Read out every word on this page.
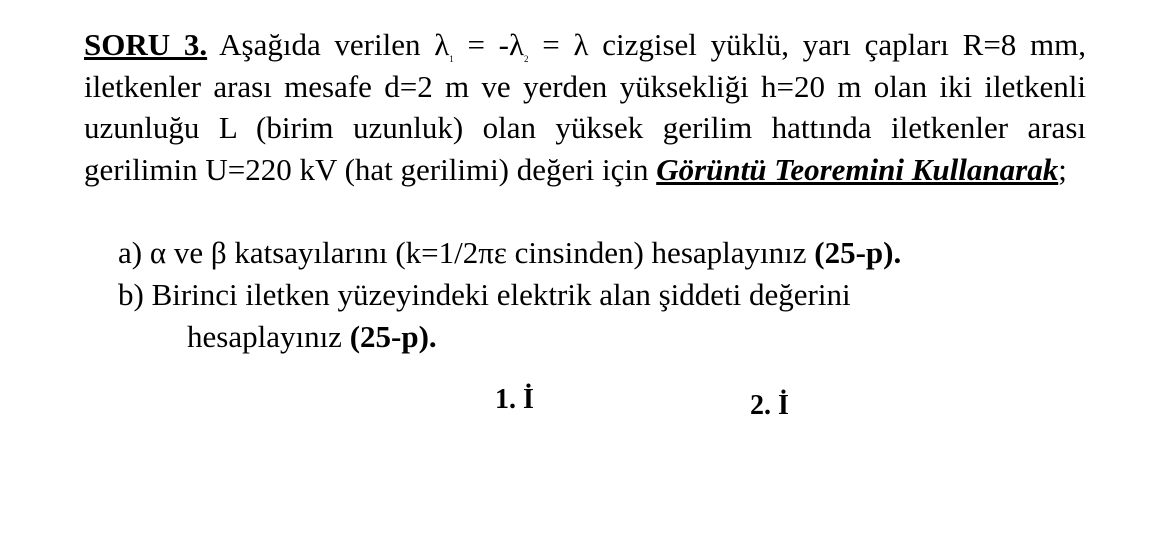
SORU 3. Aşağıda verilen $\lambda_1 = -\lambda_2 = \lambda$ cizgisel yüklü, yarı çapları R=8 mm, iletkenler arası mesafe d=2 m ve yerden yüksekliği h=20 m olan iki iletkenli uzunluğu L (birim uzunluk) olan yüksek gerilim hattında iletkenler arası gerilimin U=220 kV (hat gerilimi) değeri için Görüntü Teoremini Kullanarak;
a) α ve β katsayılarını (k=1/2πε cinsinden) hesaplayınız (25-p).
b) Birinci iletken yüzeyindeki elektrik alan şiddeti değerini
hesaplayınız (25-p).
1. İ	2. İ
